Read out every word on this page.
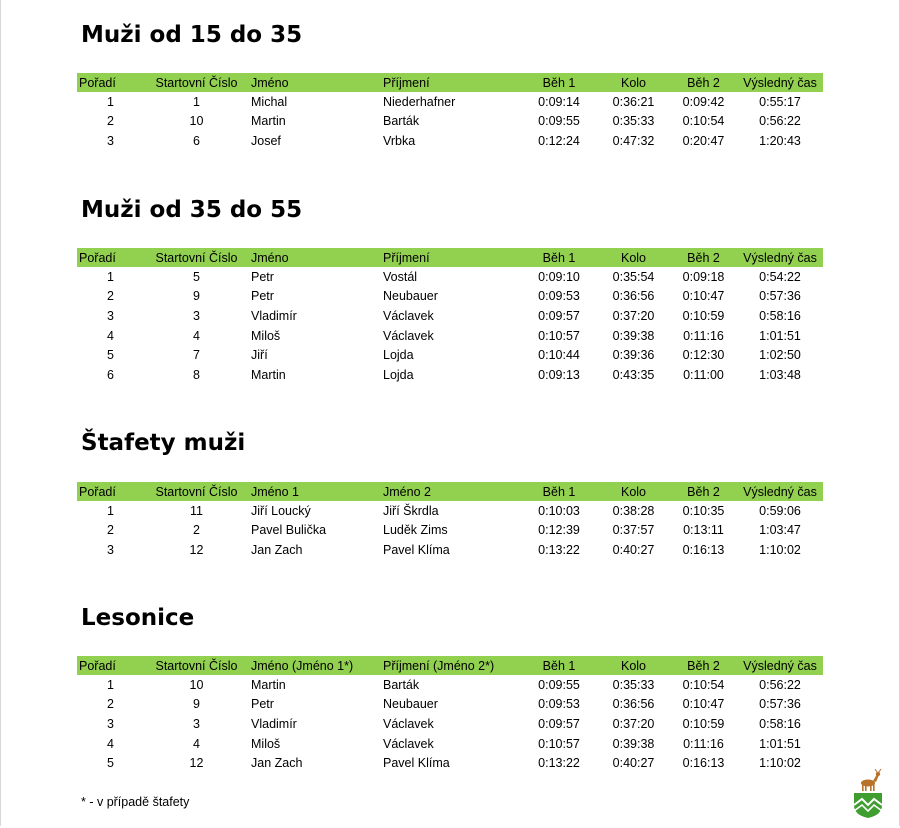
Muži od 15 do 35
Pořadí	Startovní Číslo	Jméno	Příjmení	Běh 1	Kolo	Běh 2	Výsledný čas
1	1	Michal	Niederhafner	0:09:14	0:36:21	0:09:42	0:55:17
2	10	Martin	Barták	0:09:55	0:35:33	0:10:54	0:56:22
3	6	Josef	Vrbka	0:12:24	0:47:32	0:20:47	1:20:43
Muži od 35 do 55
Pořadí	Startovní Číslo	Jméno	Příjmení	Běh 1	Kolo	Běh 2	Výsledný čas
1	5	Petr	Vostál	0:09:10	0:35:54	0:09:18	0:54:22
2	9	Petr	Neubauer	0:09:53	0:36:56	0:10:47	0:57:36
3	3	Vladimír	Václavek	0:09:57	0:37:20	0:10:59	0:58:16
4	4	Miloš	Václavek	0:10:57	0:39:38	0:11:16	1:01:51
5	7	Jiří	Lojda	0:10:44	0:39:36	0:12:30	1:02:50
6	8	Martin	Lojda	0:09:13	0:43:35	0:11:00	1:03:48
Štafety muži
Pořadí	Startovní Číslo	Jméno 1	Jméno 2	Běh 1	Kolo	Běh 2	Výsledný čas
1	11	Jiří Loucký	Jiří Škrdla	0:10:03	0:38:28	0:10:35	0:59:06
2	2	Pavel Bulička	Luděk Zims	0:12:39	0:37:57	0:13:11	1:03:47
3	12	Jan Zach	Pavel Klíma	0:13:22	0:40:27	0:16:13	1:10:02
Lesonice
Pořadí	Startovní Číslo	Jméno (Jméno 1*)	Příjmení (Jméno 2*)	Běh 1	Kolo	Běh 2	Výsledný čas
1	10	Martin	Barták	0:09:55	0:35:33	0:10:54	0:56:22
2	9	Petr	Neubauer	0:09:53	0:36:56	0:10:47	0:57:36
3	3	Vladimír	Václavek	0:09:57	0:37:20	0:10:59	0:58:16
4	4	Miloš	Václavek	0:10:57	0:39:38	0:11:16	1:01:51
5	12	Jan Zach	Pavel Klíma	0:13:22	0:40:27	0:16:13	1:10:02

* - v případě štafety
